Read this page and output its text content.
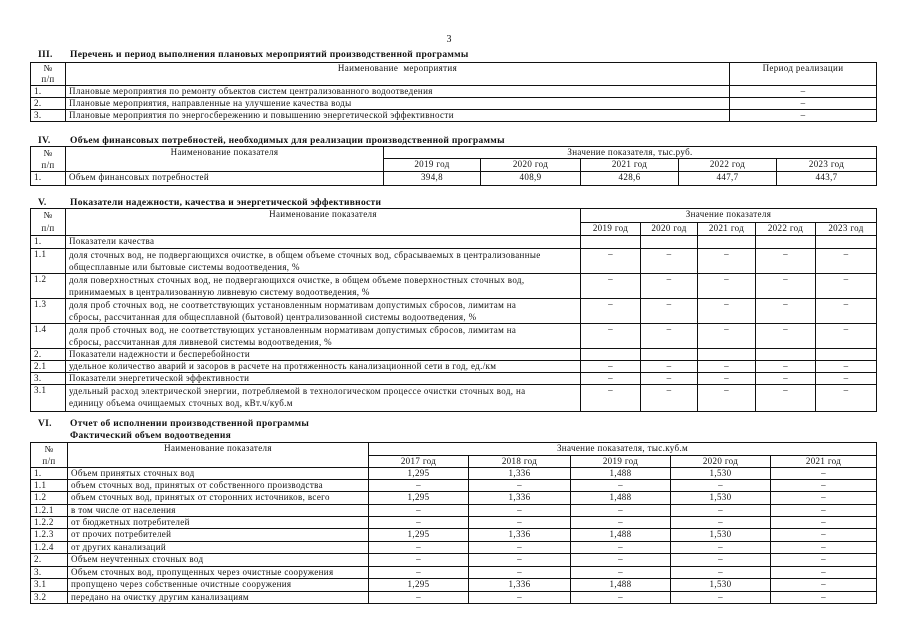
3
III. Перечень и период выполнения плановых мероприятий производственной программы
№
п/п	Наименование  мероприятия	Период реализации
1.	Плановые мероприятия по ремонту объектов систем централизованного водоотведения	–
2.	Плановые мероприятия, направленные на улучшение качества воды	–
3.	Плановые мероприятия по энергосбережению и повышению энергетической эффективности	–
IV. Объем финансовых потребностей, необходимых для реализации производственной программы
№
п/п	Наименование показателя	Значение показателя, тыс.руб.				
		2019 год	2020 год	2021 год	2022 год	2023 год
1.	Объем финансовых потребностей	394,8	408,9	428,6	447,7	443,7
V. Показатели надежности, качества и энергетической эффективности
№
п/п	Наименование показателя	Значение показателя				
		2019 год	2020 год	2021 год	2022 год	2023 год
1.	Показатели качества					

1.1	доля сточных вод, не подвергающихся очистке, в общем объеме сточных вод, сбрасываемых в централизованные
общесплавные или бытовые системы водоотведения, %	–	–	–	–	–
1.2	доля поверхностных сточных вод, не подвергающихся очистке, в общем объеме поверхностных сточных вод,
принимаемых в централизованную ливневую систему водоотведения, %	–	–	–	–	–
1.3	доля проб сточных вод, не соответствующих установленным нормативам допустимых сбросов, лимитам на
сбросы, рассчитанная для общесплавной (бытовой) централизованной системы водоотведения, %	–	–	–	–	–
1.4	доля проб сточных вод, не соответствующих установленным нормативам допустимых сбросов, лимитам на
сбросы, рассчитанная для ливневой системы водоотведения, %	–	–	–	–	–
2.	Показатели надежности и бесперебойности					

2.1	удельное количество аварий и засоров в расчете на протяженность канализационной сети в год, ед./км	–	–	–	–	–
3.	Показатели энергетической эффективности	–	–	–	–	–
3.1	удельный расход электрической энергии, потребляемой в технологическом процессе очистки сточных вод, на
единицу объема очищаемых сточных вод, кВт.ч/куб.м	–	–	–	–	–
VI. Отчет об исполнении производственной программы
Фактический объем водоотведения
№
п/п	Наименование показателя	Значение показателя, тыс.куб.м				
		2017 год	2018 год	2019 год	2020 год	2021 год
1.	Объем принятых сточных вод	1,295	1,336	1,488	1,530	–
1.1	объем сточных вод, принятых от собственного производства	–	–	–	–	–
1.2	объем сточных вод, принятых от сторонних источников, всего	1,295	1,336	1,488	1,530	–
1.2.1	в том числе от населения	–	–	–	–	–
1.2.2	от бюджетных потребителей	–	–	–	–	–
1.2.3	от прочих потребителей	1,295	1,336	1,488	1,530	–
1.2.4	от других канализаций	–	–	–	–	–
2.	Объем неучтенных сточных вод	–	–	–	–	–
3.	Объем сточных вод, пропущенных через очистные сооружения	–	–	–	–	–
3.1	пропущено через собственные очистные сооружения	1,295	1,336	1,488	1,530	–
3.2	передано на очистку другим канализациям	–	–	–	–	–
